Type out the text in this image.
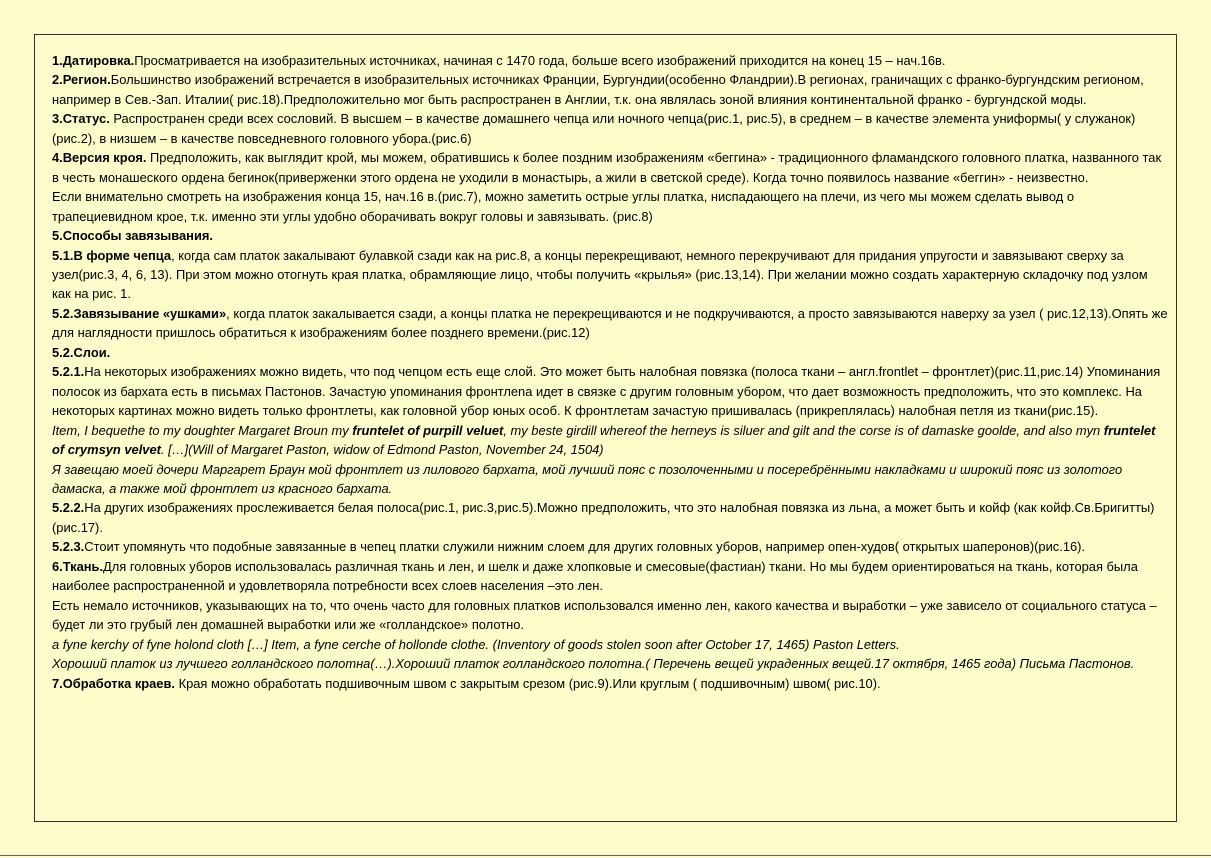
1.Датировка.Просматривается на изобразительных источниках, начиная с 1470 года, больше всего изображений приходится на конец 15 – нач.16в.

2.Регион.Большинство изображений встречается в изобразительных источниках Франции, Бургундии(особенно Фландрии).В регионах, граничащих с франко-бургундским регионом, например в Сев.-Зап. Италии( рис.18).Предположительно мог быть распространен в Англии, т.к. она являлась зоной влияния континентальной франко - бургундской моды.

3.Статус. Распространен среди всех сословий. В высшем – в качестве домашнего чепца или ночного чепца(рис.1, рис.5), в среднем – в качестве элемента униформы( у служанок)(рис.2), в низшем – в качестве повседневного головного убора.(рис.6)

4.Версия кроя. Предположить, как выглядит крой, мы можем, обратившись к более поздним изображениям «беггина» - традиционного фламандского головного платка, названного так в честь монашеского ордена бегинок(приверженки этого ордена не уходили в монастырь, а жили в светской среде). Когда точно появилось название «беггин» - неизвестно.

Если внимательно смотреть на изображения конца 15, нач.16 в.(рис.7), можно заметить острые углы платка, ниспадающего на плечи, из чего мы можем сделать вывод о трапециевидном крое, т.к. именно эти углы удобно оборачивать вокруг головы и завязывать. (рис.8)

5.Способы завязывания.

5.1.В форме чепца, когда сам платок закалывают булавкой сзади как на рис.8, а концы перекрещивают, немного перекручивают для придания упругости и завязывают сверху за узел(рис.3, 4, 6, 13). При этом можно отогнуть края платка, обрамляющие лицо, чтобы получить «крылья» (рис.13,14). При желании можно создать характерную складочку под узлом как на рис. 1.

5.2.Завязывание «ушками», когда платок закалывается сзади, а концы платка не перекрещиваются и не подкручиваются, а просто завязываются наверху за узел ( рис.12,13).Опять же для наглядности пришлось обратиться к изображениям более позднего времени.(рис.12)

5.2.Слои.

5.2.1.На некоторых изображениях можно видеть, что под чепцом есть еще слой. Это может быть налобная повязка (полоса ткани – англ.frontlet – фронтлет)(рис.11,рис.14) Упоминания полосок из бархата есть в письмах Пастонов. Зачастую упоминания фронтлena идет в связке с другим головным убором, что дает возможность предположить, что это комплекс. На некоторых картинах можно видеть только фронтлеты, как головной убор юных особ. К фронтлетам зачастую пришивалась (прикреплялась) налобная петля из ткани(рис.15).

Item, I bequethe to my doughter Margaret Broun my fruntelet of purpill veluet, my beste girdill whereof the herneys is siluer and gilt and the corse is of damaske goolde, and also myn fruntelet of crymsyn velvet. […](Will of Margaret Paston, widow of Edmond Paston, November 24, 1504)

Я завещаю моей дочери Маргарет Браун мой фронтлет из лилового бархата, мой лучший пояс с позолоченными и посеребрёнными накладками и широкий пояс из золотого дамаска, а также мой фронтлет из красного бархата.

5.2.2.На других изображениях прослеживается белая полоса(рис.1, рис.3,рис.5).Можно предположить, что это налобная повязка из льна, а может быть и койф (как койф.Св.Бригитты)(рис.17).

5.2.3.Стоит упомянуть что подобные завязанные в чепец платки служили нижним слоем для других головных уборов, например опен-худов( открытых шаперонов)(рис.16).

6.Ткань.Для головных уборов использовалась различная ткань и лен, и шелк и даже хлопковые и смесовые(фастиан) ткани. Но мы будем ориентироваться на ткань, которая была наиболее распространенной и удовлетворяла потребности всех слоев населения –это лен.

Есть немало источников, указывающих на то, что очень часто для головных платков использовался именно лен, какого качества и выработки – уже зависело от социального статуса – будет ли это грубый лен домашней выработки или же «голландское» полотно.

a fyne kerchy of fyne holond cloth […] Item, a fyne cerche of hollonde clothe. (Inventory of goods stolen soon after October 17, 1465) Paston Letters.

Хороший платок из лучшего голландского полотна(…).Хороший платок голландского полотна.( Перечень вещей украденных вещей.17 октября, 1465 года) Письма Пастонов.

7.Обработка краев. Края можно обработать подшивочным швом с закрытым срезом (рис.9).Или круглым ( подшивочным) швом( рис.10).
